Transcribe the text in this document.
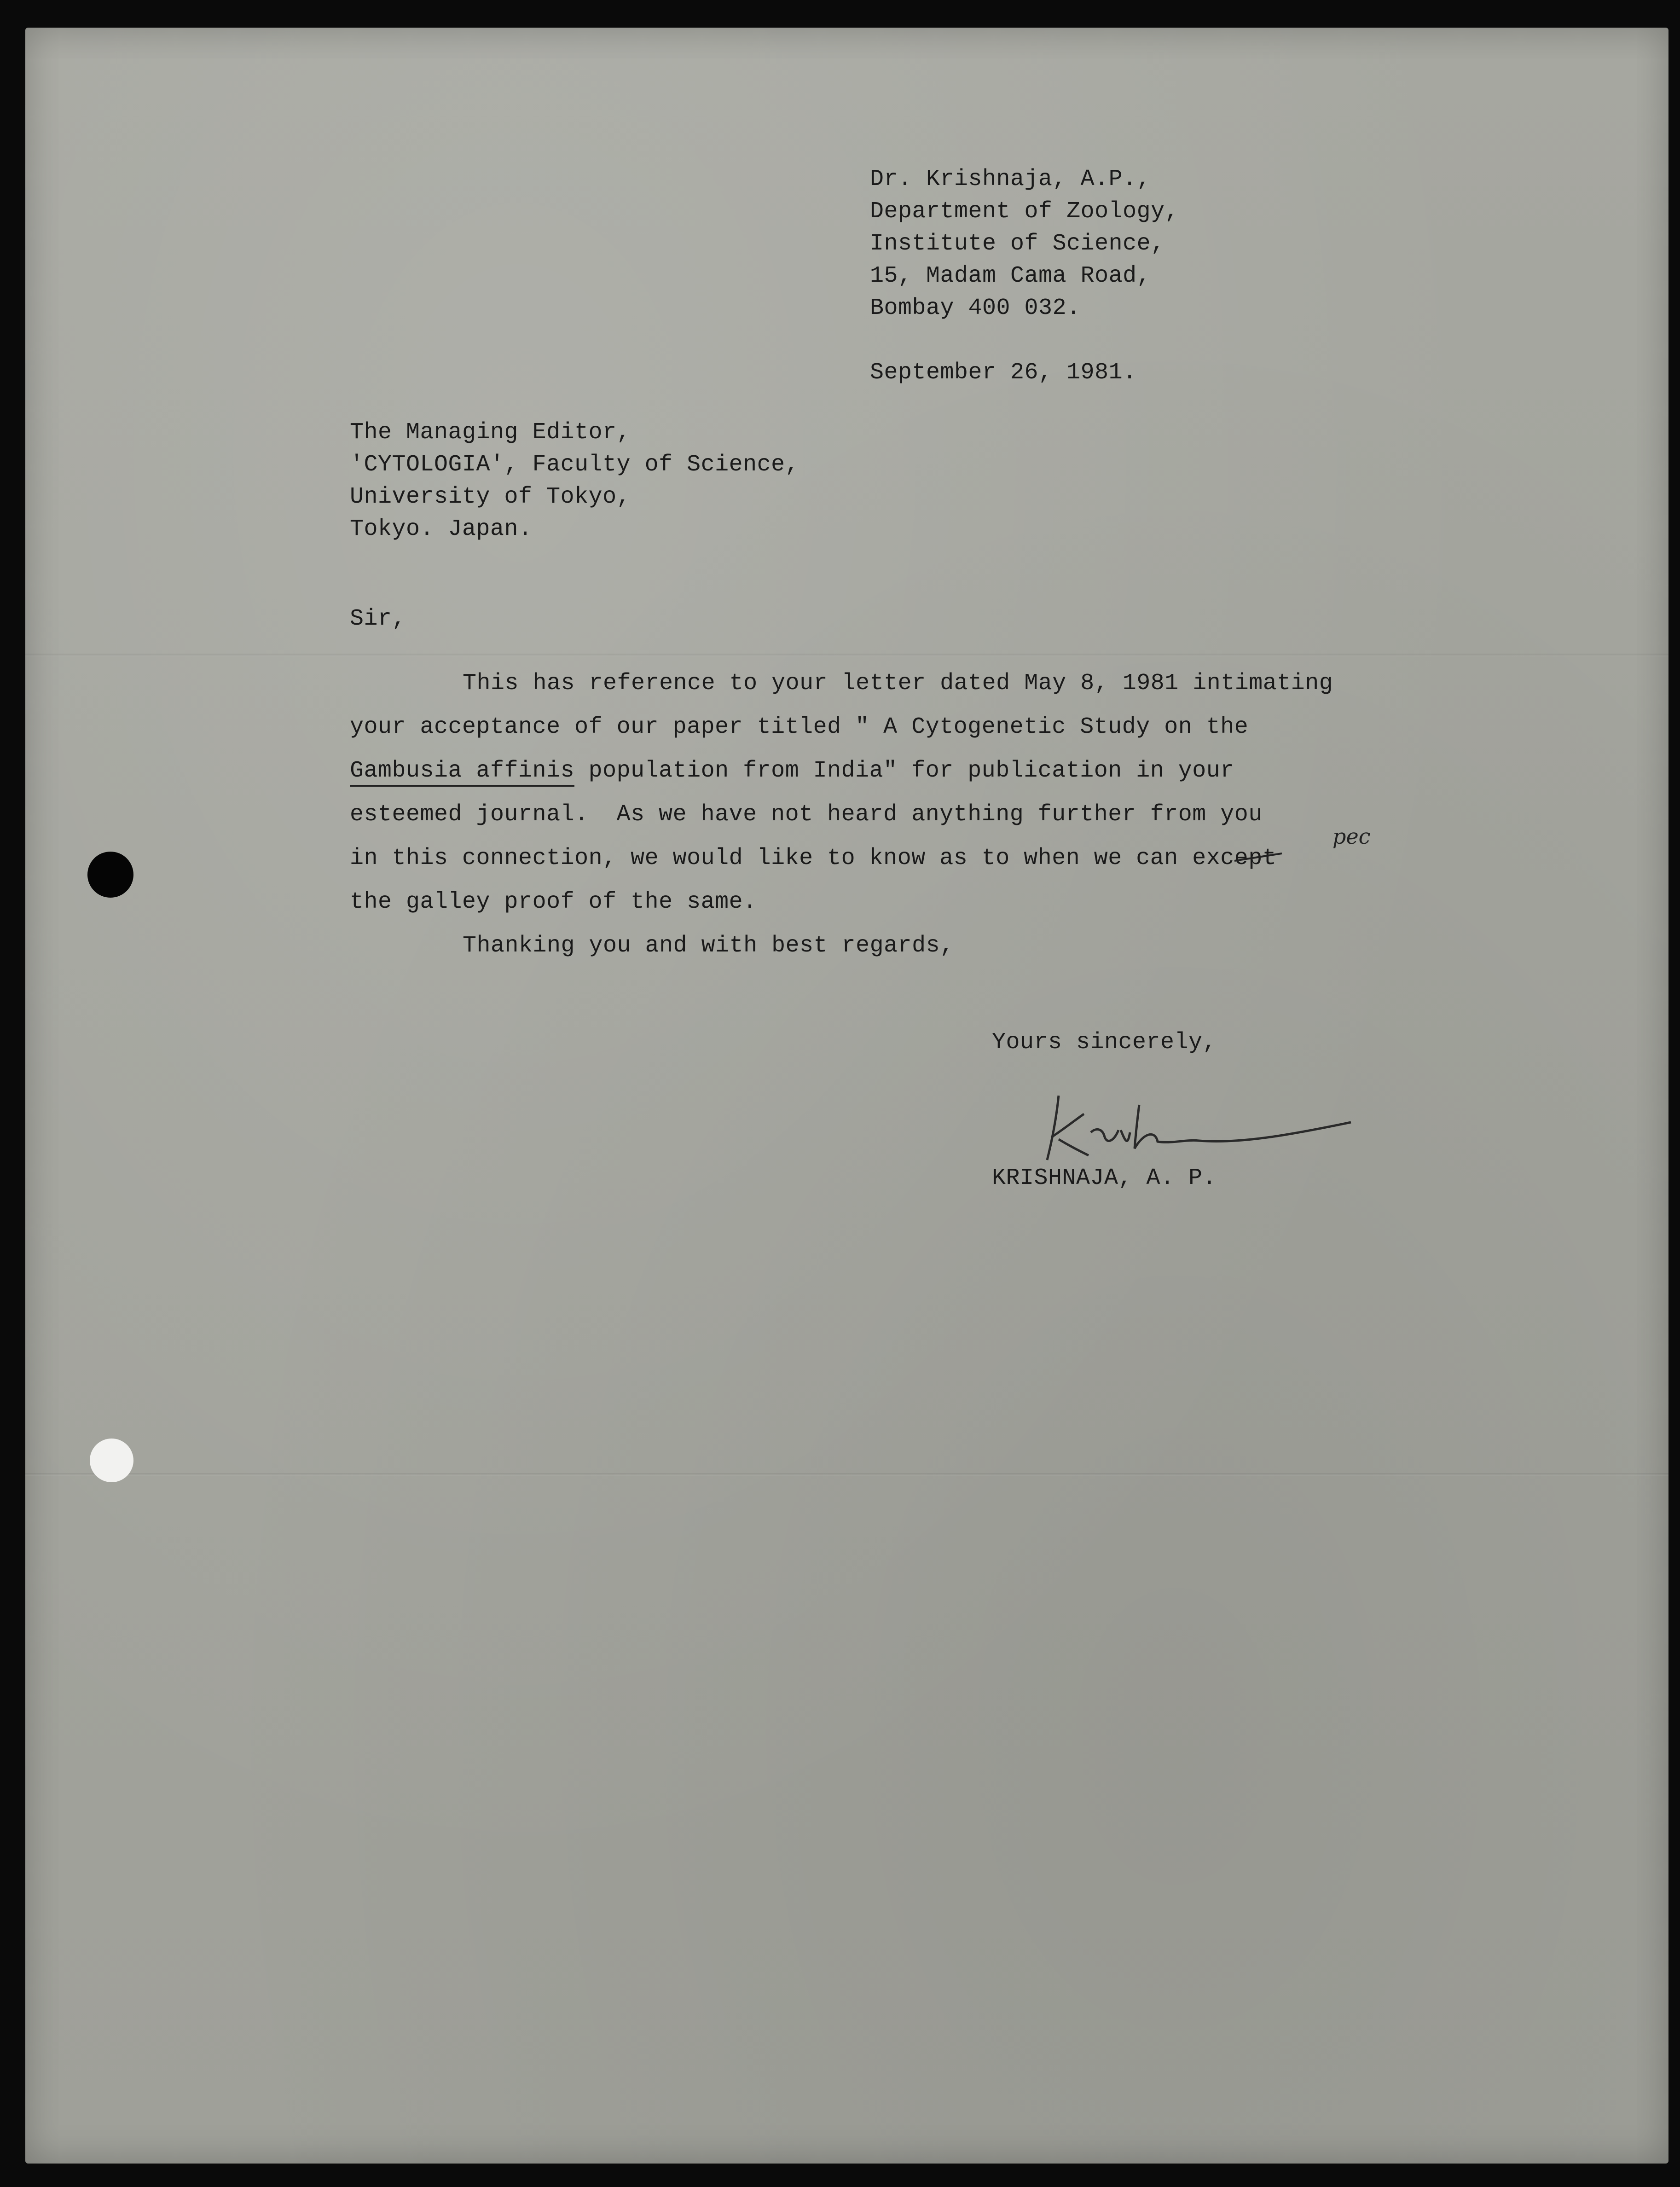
Dr. Krishnaja, A.P.,
Department of Zoology,
Institute of Science,
15, Madam Cama Road,
Bombay 400 032.
September 26, 1981.
The Managing Editor,
'CYTOLOGIA', Faculty of Science,
University of Tokyo,
Tokyo. Japan.
Sir,
This has reference to your letter dated May 8, 1981 intimating
your acceptance of our paper titled " A Cytogenetic Study on the
Gambusia affinis population from India" for publication in your
esteemed journal.  As we have not heard anything further from you
in this connection, we would like to know as to when we can except
pec
the galley proof of the same.
Thanking you and with best regards,
Yours sincerely,
KRISHNAJA, A. P.
